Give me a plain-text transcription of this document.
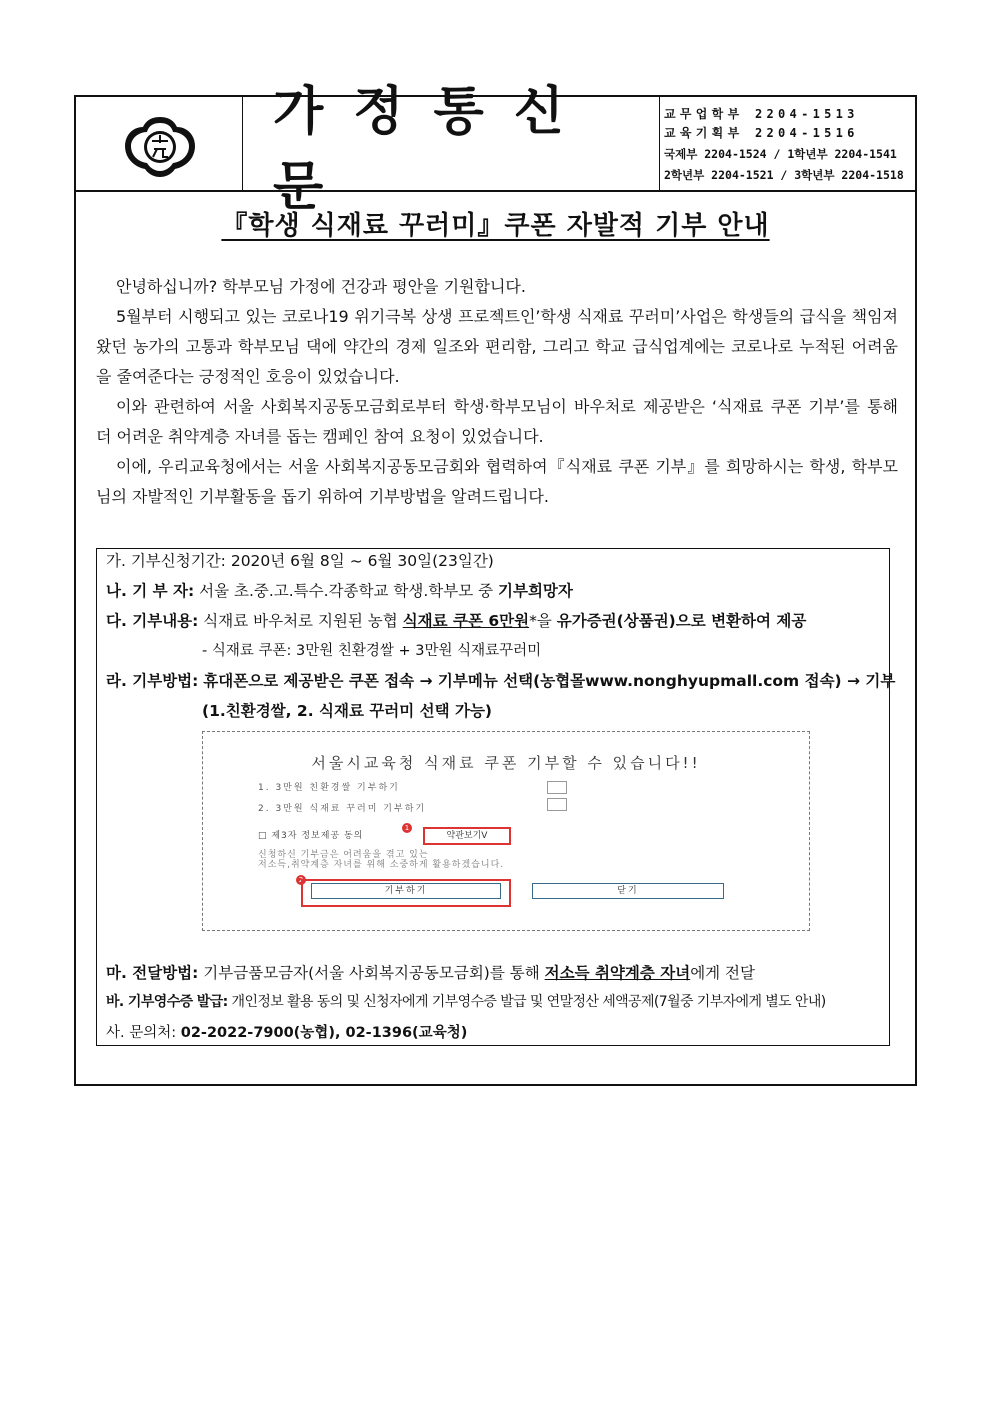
가정통신문
교무업학부 2204-1513
교육기획부 2204-1516
국제부 2204-1524 / 1학년부 2204-1541
2학년부 2204-1521 / 3학년부 2204-1518
『학생 식재료 꾸러미』쿠폰 자발적 기부 안내

안녕하십니까? 학부모님 가정에 건강과 평안을 기원합니다.

5월부터 시행되고 있는 코로나19 위기극복 상생 프로젝트인’학생 식재료 꾸러미’사업은 학생들의 급식을 책임져 왔던 농가의 고통과 학부모님 댁에 약간의 경제 일조와 편리함, 그리고 학교 급식업계에는 코로나로 누적된 어려움을 줄여준다는 긍정적인 호응이 있었습니다.

이와 관련하여 서울 사회복지공동모금회로부터 학생·학부모님이 바우처로 제공받은 ‘식재료 쿠폰 기부’를 통해 더 어려운 취약계층 자녀를 돕는 캠페인 참여 요청이 있었습니다.

이에, 우리교육청에서는 서울 사회복지공동모금회와 협력하여『식재료 쿠폰 기부』를 희망하시는 학생, 학부모님의 자발적인 기부활동을 돕기 위하여 기부방법을 알려드립니다.

가. 기부신청기간: 2020년 6월 8일 ~ 6월 30일(23일간)
나. 기 부 자: 서울 초.중.고.특수.각종학교 학생.학부모 중 기부희망자
다. 기부내용: 식재료 바우처로 지원된 농협 식재료 쿠폰 6만원*을 유가증권(상품권)으로 변환하여 제공
- 식재료 쿠폰: 3만원 친환경쌀 + 3만원 식재료꾸러미
라. 기부방법: 휴대폰으로 제공받은 쿠폰 접속 → 기부메뉴 선택(농협몰www.nonghyupmall.com 접속) → 기부
(1.친환경쌀, 2. 식재료 꾸러미 선택 가능)
서울시교육청 식재료 쿠폰 기부할 수 있습니다!!
1. 3만원 친환경쌀 기부하기
2. 3만원 식재료 꾸러미 기부하기
□ 제3자 정보제공 동의
1
약관보기V
신청하신 기부금은 어려움을 겪고 있는
저소득,취약계층 자녀를 위해 소중하게 활용하겠습니다.
2
기부하기	닫기
마. 전달방법: 기부금품모금자(서울 사회복지공동모금회)를 통해 저소득 취약계층 자녀에게 전달
바. 기부영수증 발급: 개인정보 활용 동의 및 신청자에게 기부영수증 발급 및 연말정산 세액공제(7월중 기부자에게 별도 안내)
사. 문의처: 02-2022-7900(농협), 02-1396(교육청)
